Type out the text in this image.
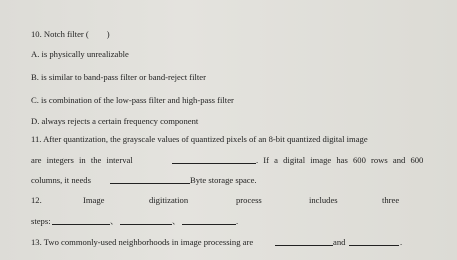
10. Notch filter ( )
A. is physically unrealizable
B. is similar to band-pass filter or band-reject filter
C. is combination of the low-pass filter and high-pass filter
D. always rejects a certain frequency component
11. After quantization, the grayscale values of quantized pixels of an 8-bit quantized digital image
are integers in the interval	. If a digital image has 600 rows and 600
columns, it needs	Byte storage space.
12.	Image	digitization	process	includes	three
steps:	、	、	.
13. Two commonly-used neighborhoods in image processing are	and	.
